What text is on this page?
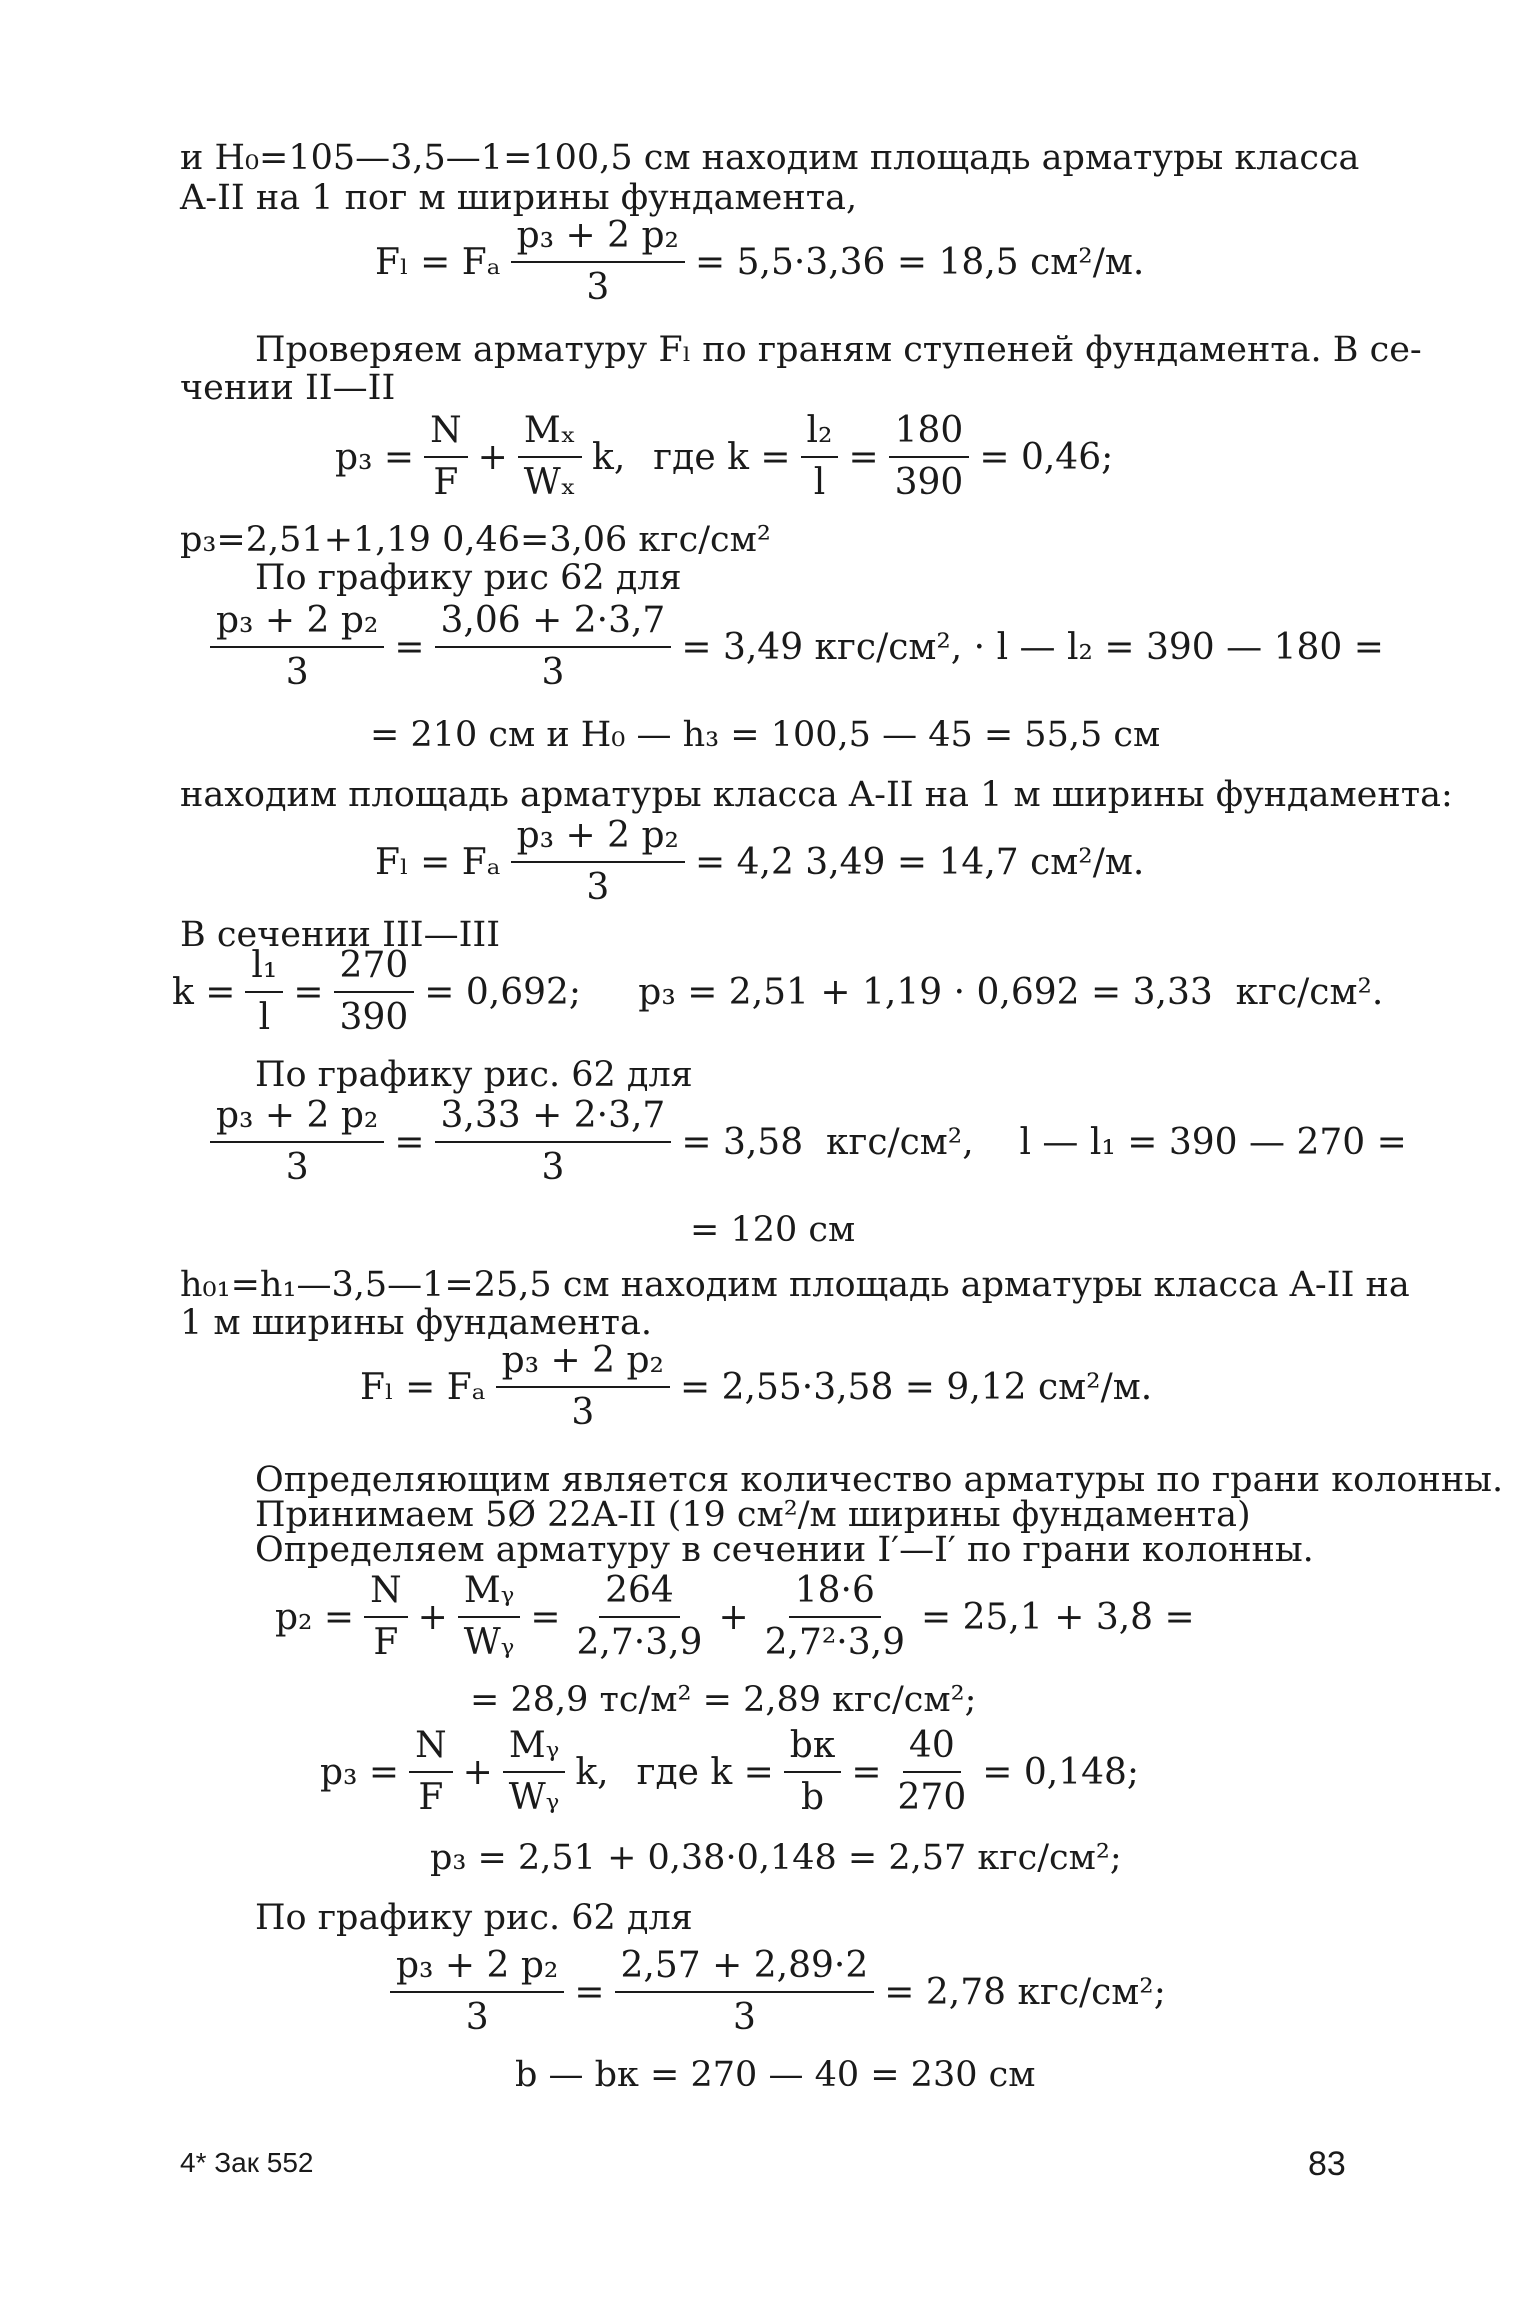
и H₀=105—3,5—1=100,5 см находим площадь арматуры класса
A-II на 1 пог м ширины фундамента,
Fₗ = Fₐ $\frac{\text{p₃ + 2 p₂}}{3} = 5,5\cdot 3,36 = 18,5$ см²/м.
Проверяем арматуру Fₗ по граням ступеней фундамента. В се-
чении II—II
$p_3 = \frac{N}{F} + \frac{\text{Mₓ}}{\text{Wₓ}} k$, где $k = \frac{\text{l₂}}{l} = \frac{180}{390} = 0,46$;
p₃=2,51+1,19 0,46=3,06 кгс/см²
По графику рис 62 для
$\frac{\text{p₃ + 2 p₂}}{3} = \frac{3,06 + 2\cdot 3,7}{3} = 3,49$ кгс/см², · l — l₂ = 390 — 180 =
= 210 см и H₀ — h₃ = 100,5 — 45 = 55,5 см
находим площадь арматуры класса A-II на 1 м ширины фундамента:
Fₗ = Fₐ $\frac{\text{p₃ + 2 p₂}}{3} = 4,2$ 3,49 = 14,7 см²/м.
В сечении III—III
$k = \frac{\text{l₁}}{l} = \frac{270}{390} = 0,692$;     p₃ = 2,51 + 1,19 · 0,692 = 3,33  кгс/см².
По графику рис. 62 для
$\frac{\text{p₃ + 2 p₂}}{3} = \frac{3,33 + 2\cdot 3,7}{3} = 3,58$  кгс/см²,    l — l₁ = 390 — 270 =
= 120 см
h₀₁=h₁—3,5—1=25,5 см находим площадь арматуры класса A-II на
1 м ширины фундамента.
Fₗ = Fₐ $\frac{\text{p₃ + 2 p₂}}{3} = 2,55\cdot 3,58 = 9,12$ см²/м.
Определяющим является количество арматуры по грани колонны.
Принимаем 5Ø 22A-II (19 см²/м ширины фундамента)
Определяем арматуру в сечении I′—I′ по грани колонны.
$p_2 = \frac{N}{F} + \frac{\text{Mᵧ}}{\text{Wᵧ}} = \frac{264}{2,7\cdot 3,9} + \frac{18\cdot 6}{\text{2,7²·3,9}} = 25,1 + 3,8$ =
= 28,9 тс/м² = 2,89 кгс/см²;
$p_3 = \frac{N}{F} + \frac{\text{Mᵧ}}{\text{Wᵧ}} k$, где k =
bк
b
= $\frac{40}{270} = 0,148$;
p₃ = 2,51 + 0,38·0,148 = 2,57 кгс/см²;
По графику рис. 62 для
$\frac{\text{p₃ + 2 p₂}}{3} = \frac{2,57 + 2,89\cdot 2}{3} = 2,78$ кгс/см²;
b — bк = 270 — 40 = 230 см
4* Зак 552	83
